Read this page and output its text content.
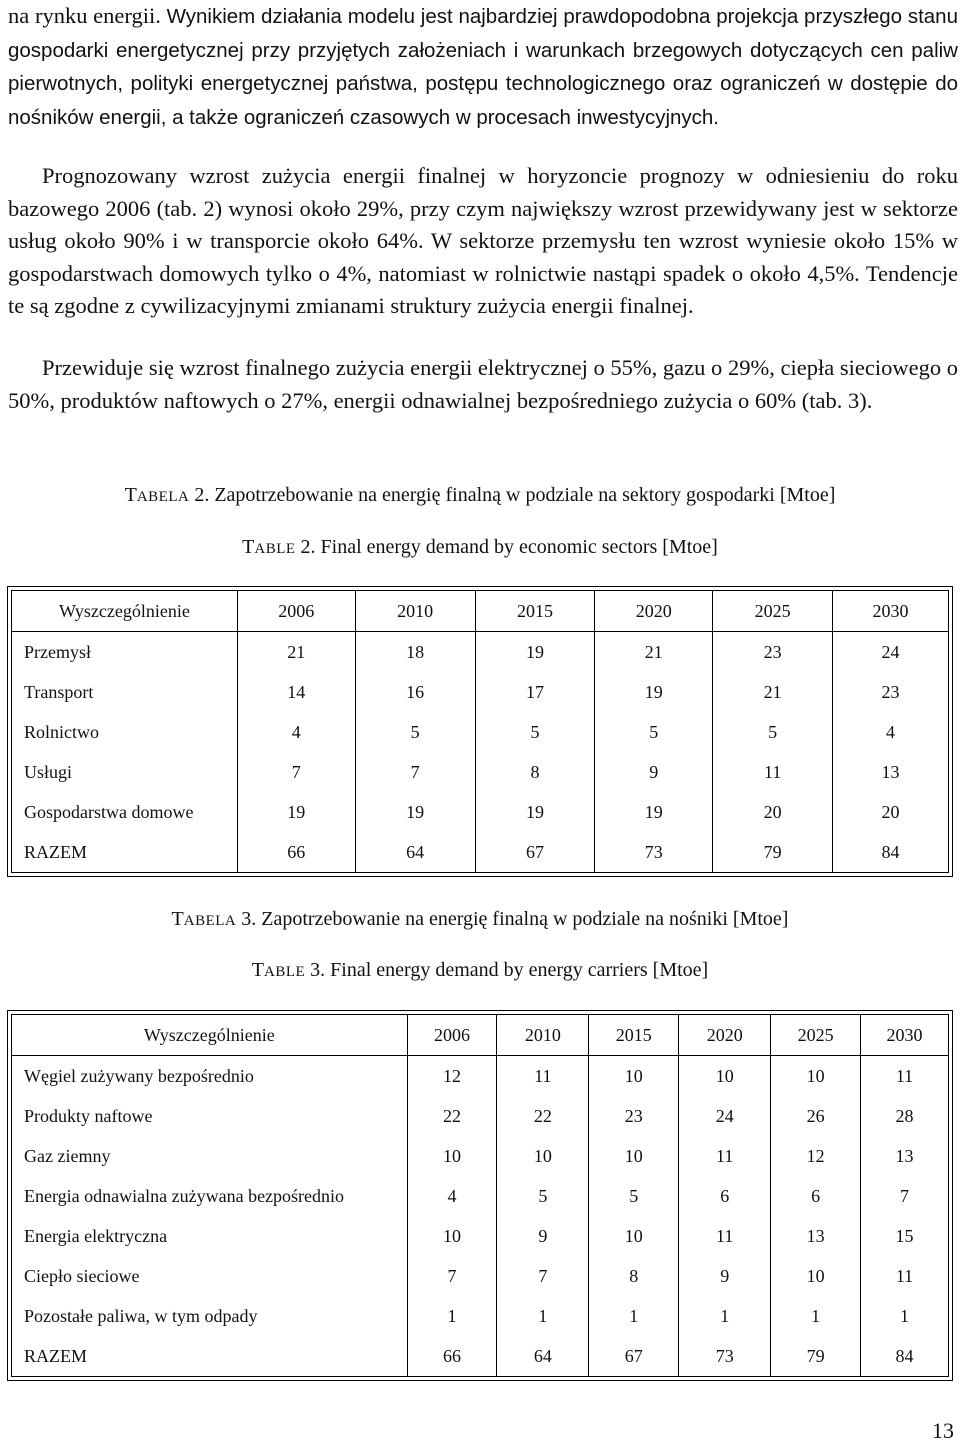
na rynku energii. Wynikiem działania modelu jest najbardziej prawdopodobna projekcja przyszłego stanu gospodarki energetycznej przy przyjętych założeniach i warunkach brzegowych dotyczących cen paliw pierwotnych, polityki energetycznej państwa, postępu technologicznego oraz ograniczeń w dostępie do nośników energii, a także ograniczeń czasowych w procesach inwestycyjnych.

Prognozowany wzrost zużycia energii finalnej w horyzoncie prognozy w odniesieniu do roku bazowego 2006 (tab. 2) wynosi około 29%, przy czym największy wzrost przewidywany jest w sektorze usług około 90% i w transporcie około 64%. W sektorze przemysłu ten wzrost wyniesie około 15% w gospodarstwach domowych tylko o 4%, natomiast w rolnictwie nastąpi spadek o około 4,5%. Tendencje te są zgodne z cywilizacyjnymi zmianami struktury zużycia energii finalnej.

Przewiduje się wzrost finalnego zużycia energii elektrycznej o 55%, gazu o 29%, ciepła sieciowego o 50%, produktów naftowych o 27%, energii odnawialnej bezpośredniego zużycia o 60% (tab. 3).

TABELA 2. Zapotrzebowanie na energię finalną w podziale na sektory gospodarki [Mtoe]
TABLE 2. Final energy demand by economic sectors [Mtoe]
Wyszczególnienie	2006	2010	2015	2020	2025	2030
Przemysł	21	18	19	21	23	24
Transport	14	16	17	19	21	23
Rolnictwo	4	5	5	5	5	4
Usługi	7	7	8	9	11	13
Gospodarstwa domowe	19	19	19	19	20	20
RAZEM	66	64	67	73	79	84
TABELA 3. Zapotrzebowanie na energię finalną w podziale na nośniki [Mtoe]
TABLE 3. Final energy demand by energy carriers [Mtoe]
Wyszczególnienie	2006	2010	2015	2020	2025	2030
Węgiel zużywany bezpośrednio	12	11	10	10	10	11
Produkty naftowe	22	22	23	24	26	28
Gaz ziemny	10	10	10	11	12	13
Energia odnawialna zużywana bezpośrednio	4	5	5	6	6	7
Energia elektryczna	10	9	10	11	13	15
Ciepło sieciowe	7	7	8	9	10	11
Pozostałe paliwa, w tym odpady	1	1	1	1	1	1
RAZEM	66	64	67	73	79	84
13
